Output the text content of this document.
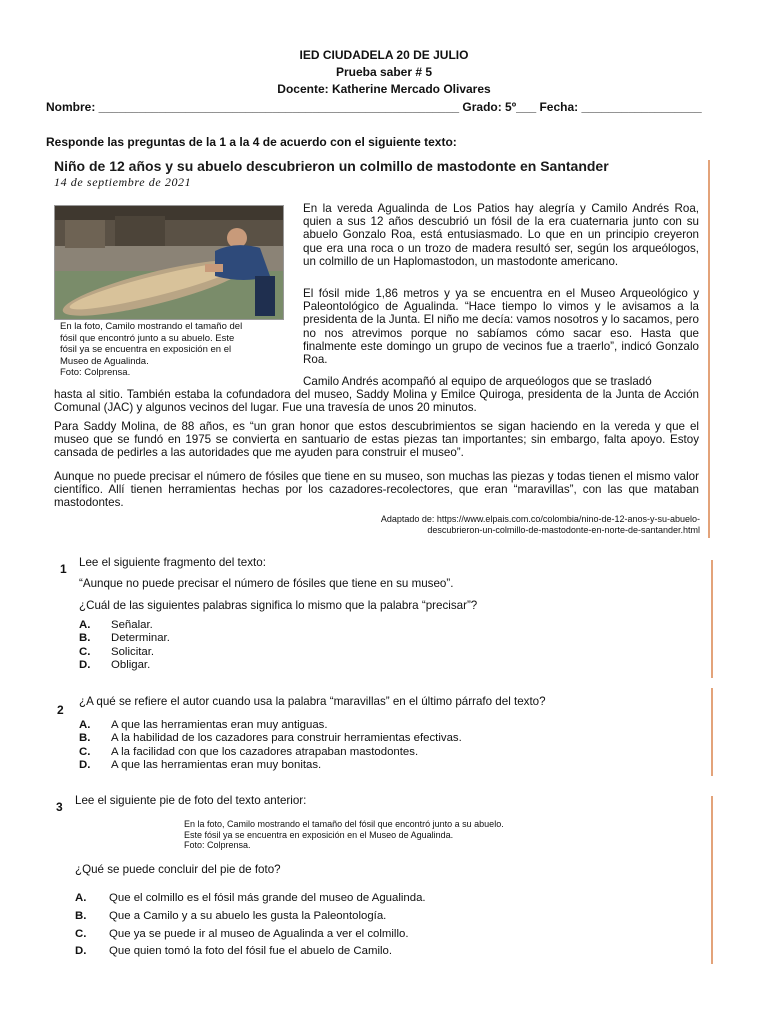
IED CIUDADELA 20 DE JULIO
Prueba saber # 5
Docente: Katherine Mercado Olivares
Nombre: ______________________________________________________ Grado: 5º___ Fecha: __________________
Responde las preguntas de la 1 a la 4 de acuerdo con el siguiente texto:
Niño de 12 años y su abuelo descubrieron un colmillo de mastodonte en Santander
14 de septiembre de 2021
En la foto, Camilo mostrando el tamaño del
fósil que encontró junto a su abuelo. Este
fósil ya se encuentra en exposición en el
Museo de Agualinda.
Foto: Colprensa.
En la vereda Agualinda de Los Patios hay alegría y Camilo Andrés Roa, quien a sus 12 años descubrió un fósil de la era cuaternaria junto con su abuelo Gonzalo Roa, está entusiasmado. Lo que en un principio creyeron que era una roca o un trozo de madera resultó ser, según los arqueólogos, un colmillo de un Haplomastodon, un mastodonte americano.
El fósil mide 1,86 metros y ya se encuentra en el Museo Arqueológico y Paleontológico de Agualinda. “Hace tiempo lo vimos y le avisamos a la presidenta de la Junta. El niño me decía: vamos nosotros y lo sacamos, pero no nos atrevimos porque no sabíamos cómo sacar eso. Hasta que finalmente este domingo un grupo de vecinos fue a traerlo”, indicó Gonzalo Roa.
Camilo Andrés acompañó al equipo de arqueólogos que se trasladó
hasta al sitio. También estaba la cofundadora del museo, Saddy Molina y Emilce Quiroga, presidenta de la Junta de Acción Comunal (JAC) y algunos vecinos del lugar. Fue una travesía de unos 20 minutos.
Para Saddy Molina, de 88 años, es “un gran honor que estos descubrimientos se sigan haciendo en la vereda y que el museo que se fundó en 1975 se convierta en santuario de estas piezas tan importantes; sin embargo, falta apoyo. Estoy cansada de pedirles a las autoridades que me ayuden para construir el museo”.
Aunque no puede precisar el número de fósiles que tiene en su museo, son muchas las piezas y todas tienen el mismo valor científico. Allí tienen herramientas hechas por los cazadores-recolectores, que eran “maravillas”, con las que mataban mastodontes.
Adaptado de: https://www.elpais.com.co/colombia/nino-de-12-anos-y-su-abuelo-
descubrieron-un-colmillo-de-mastodonte-en-norte-de-santander.html
1 Lee el siguiente fragmento del texto:
“Aunque no puede precisar el número de fósiles que tiene en su museo”.
¿Cuál de las siguientes palabras significa lo mismo que la palabra “precisar”?
A. Señalar.
B. Determinar.
C. Solicitar.
D. Obligar.
2
¿A qué se refiere el autor cuando usa la palabra “maravillas” en el último párrafo del texto?
A. A que las herramientas eran muy antiguas.
B. A la habilidad de los cazadores para construir herramientas efectivas.
C. A la facilidad con que los cazadores atrapaban mastodontes.
D. A que las herramientas eran muy bonitas.
3 Lee el siguiente pie de foto del texto anterior:
En la foto, Camilo mostrando el tamaño del fósil que encontró junto a su abuelo.
Este fósil ya se encuentra en exposición en el Museo de Agualinda.
Foto: Colprensa.
¿Qué se puede concluir del pie de foto?
A. Que el colmillo es el fósil más grande del museo de Agualinda.
B. Que a Camilo y a su abuelo les gusta la Paleontología.
C. Que ya se puede ir al museo de Agualinda a ver el colmillo.
D. Que quien tomó la foto del fósil fue el abuelo de Camilo.
